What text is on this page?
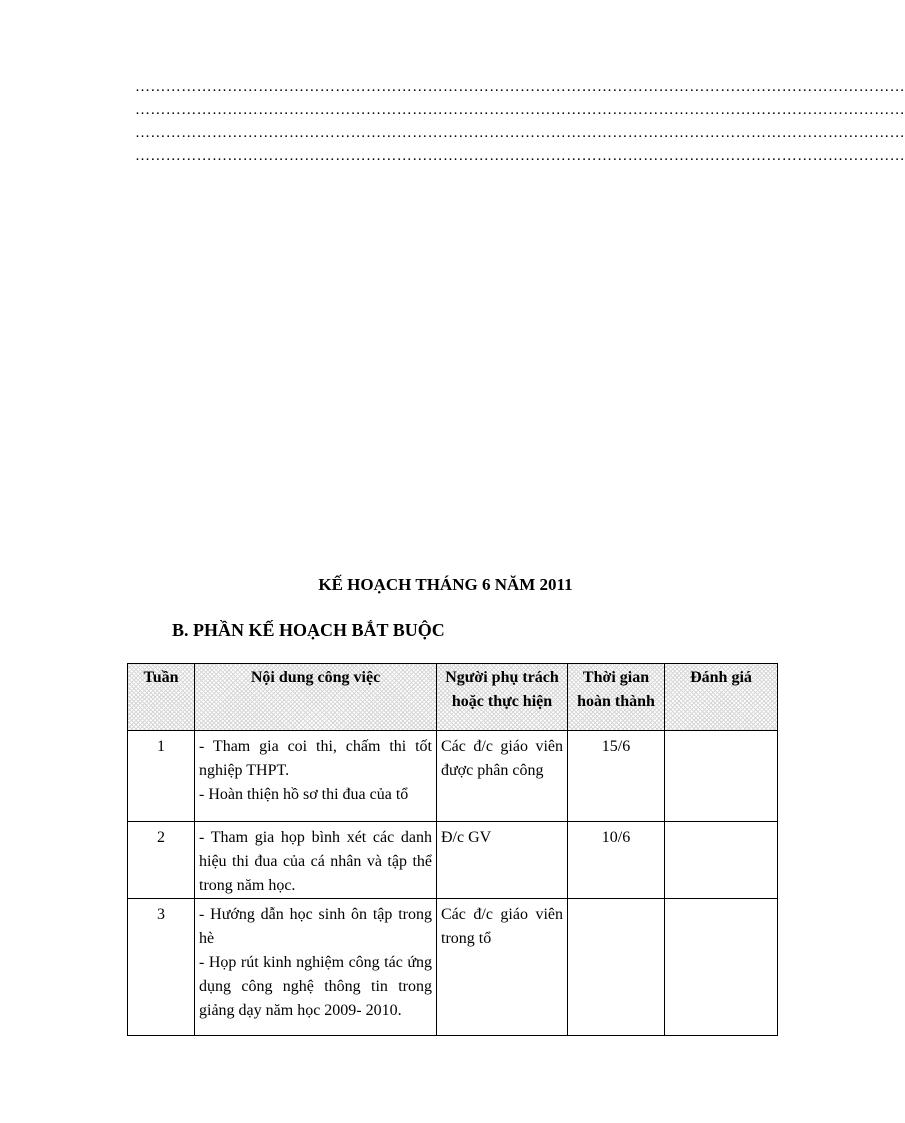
……………………………………………………………………………………………………………………………………
……………………………………………………………………………………………………………………………………
……………………………………………………………………………………………………………………………………
……………………………………………………………………………………………………………………………………
KẾ HOẠCH THÁNG 6 NĂM 2011
B. PHẦN KẾ HOẠCH BẮT BUỘC
Tuần	Nội dung công việc	Người phụ trách hoặc thực hiện	Thời gian hoàn thành	Đánh giá
1	- Tham gia coi thi, chấm thi tốt nghiệp THPT.
- Hoàn thiện hồ sơ thi đua của tổ	Các đ/c giáo viên được phân công	15/6	
2	- Tham gia họp bình xét các danh hiệu thi đua của cá nhân và tập thể trong năm học.	Đ/c GV	10/6	
3	- Hướng dẫn học sinh ôn tập trong hè
- Họp rút kinh nghiệm công tác ứng dụng công nghệ thông tin trong giảng dạy năm học 2009- 2010.	Các đ/c giáo viên trong tổ		
